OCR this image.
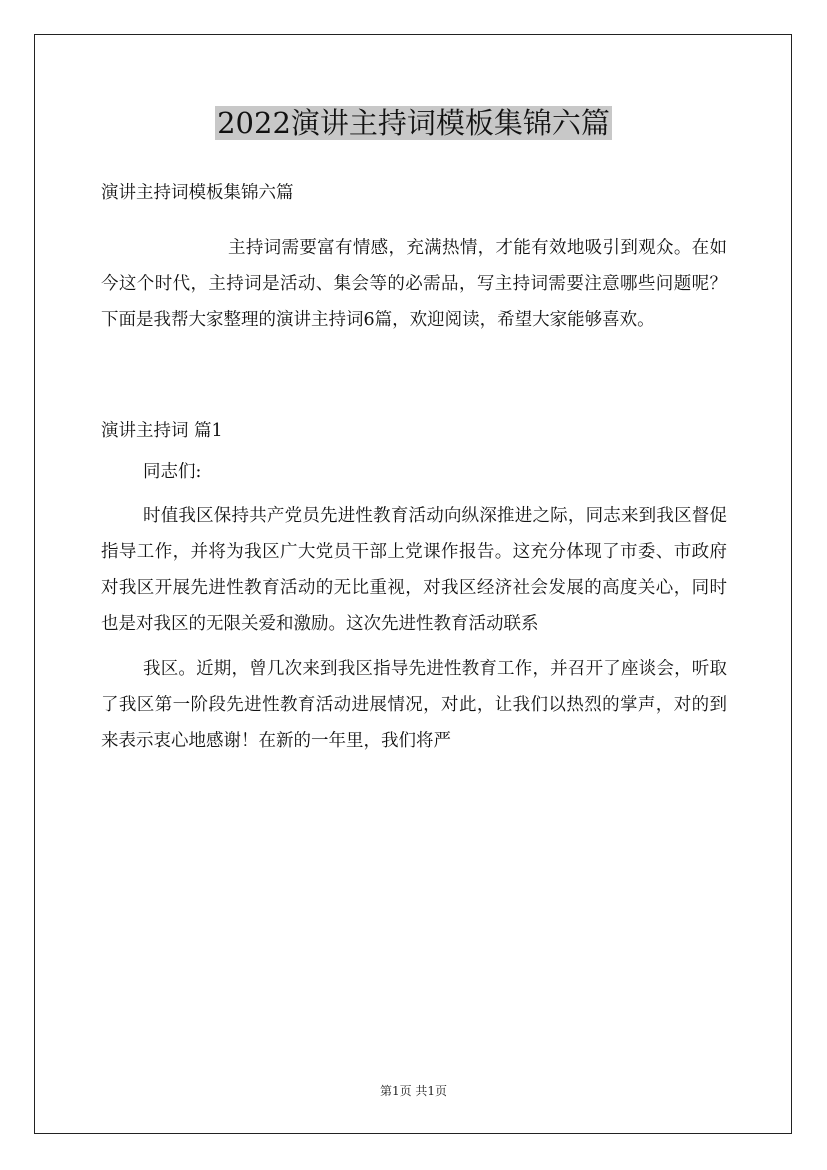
2022演讲主持词模板集锦六篇

演讲主持词模板集锦六篇

主持词需要富有情感，充满热情，才能有效地吸引到观众。在如今这个时代，主持词是活动、集会等的必需品，写主持词需要注意哪些问题呢？下面是我帮大家整理的演讲主持词6篇，欢迎阅读，希望大家能够喜欢。

演讲主持词 篇1

同志们:

时值我区保持共产党员先进性教育活动向纵深推进之际，同志来到我区督促指导工作，并将为我区广大党员干部上党课作报告。这充分体现了市委、市政府对我区开展先进性教育活动的无比重视，对我区经济社会发展的高度关心，同时也是对我区的无限关爱和激励。这次先进性教育活动联系

我区。近期，曾几次来到我区指导先进性教育工作，并召开了座谈会，听取了我区第一阶段先进性教育活动进展情况，对此，让我们以热烈的掌声，对的到来表示衷心地感谢！在新的一年里，我们将严

第1页 共1页
